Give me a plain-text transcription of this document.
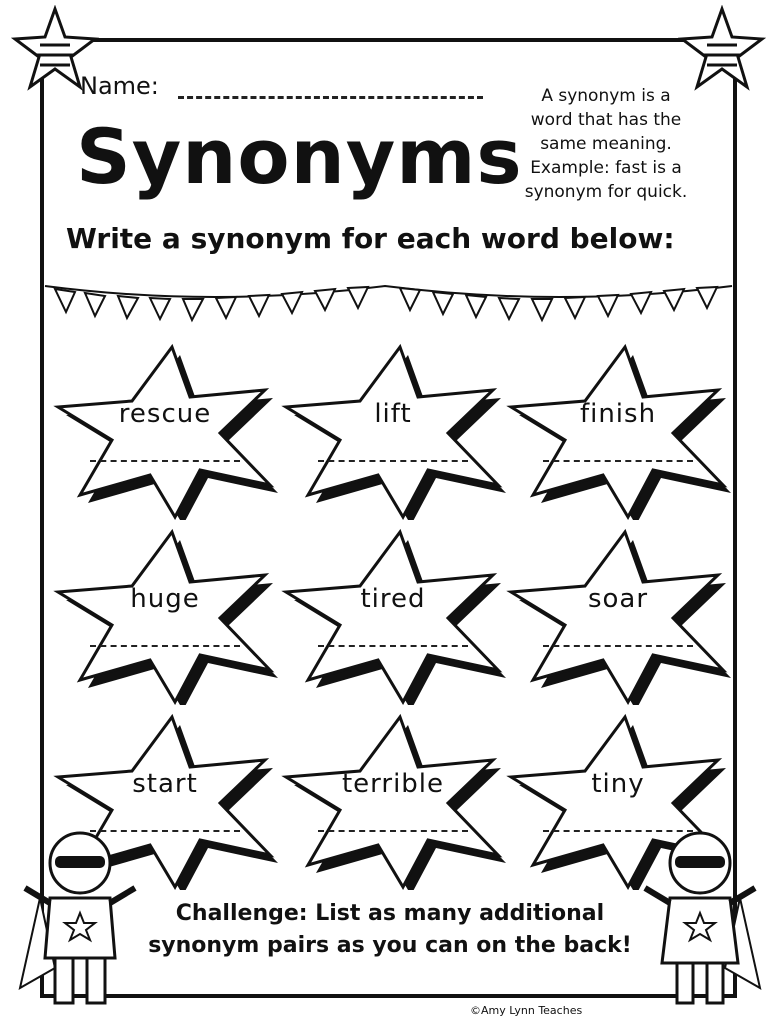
Name:
Synonyms
A synonym is a
word that has the
same meaning.
Example: fast is a
synonym for quick.
Write a synonym for each word below:
rescue	lift	finish
huge	tired	soar
start	terrible	tiny
Challenge: List as many additional
synonym pairs as you can on the back!
©Amy Lynn Teaches
